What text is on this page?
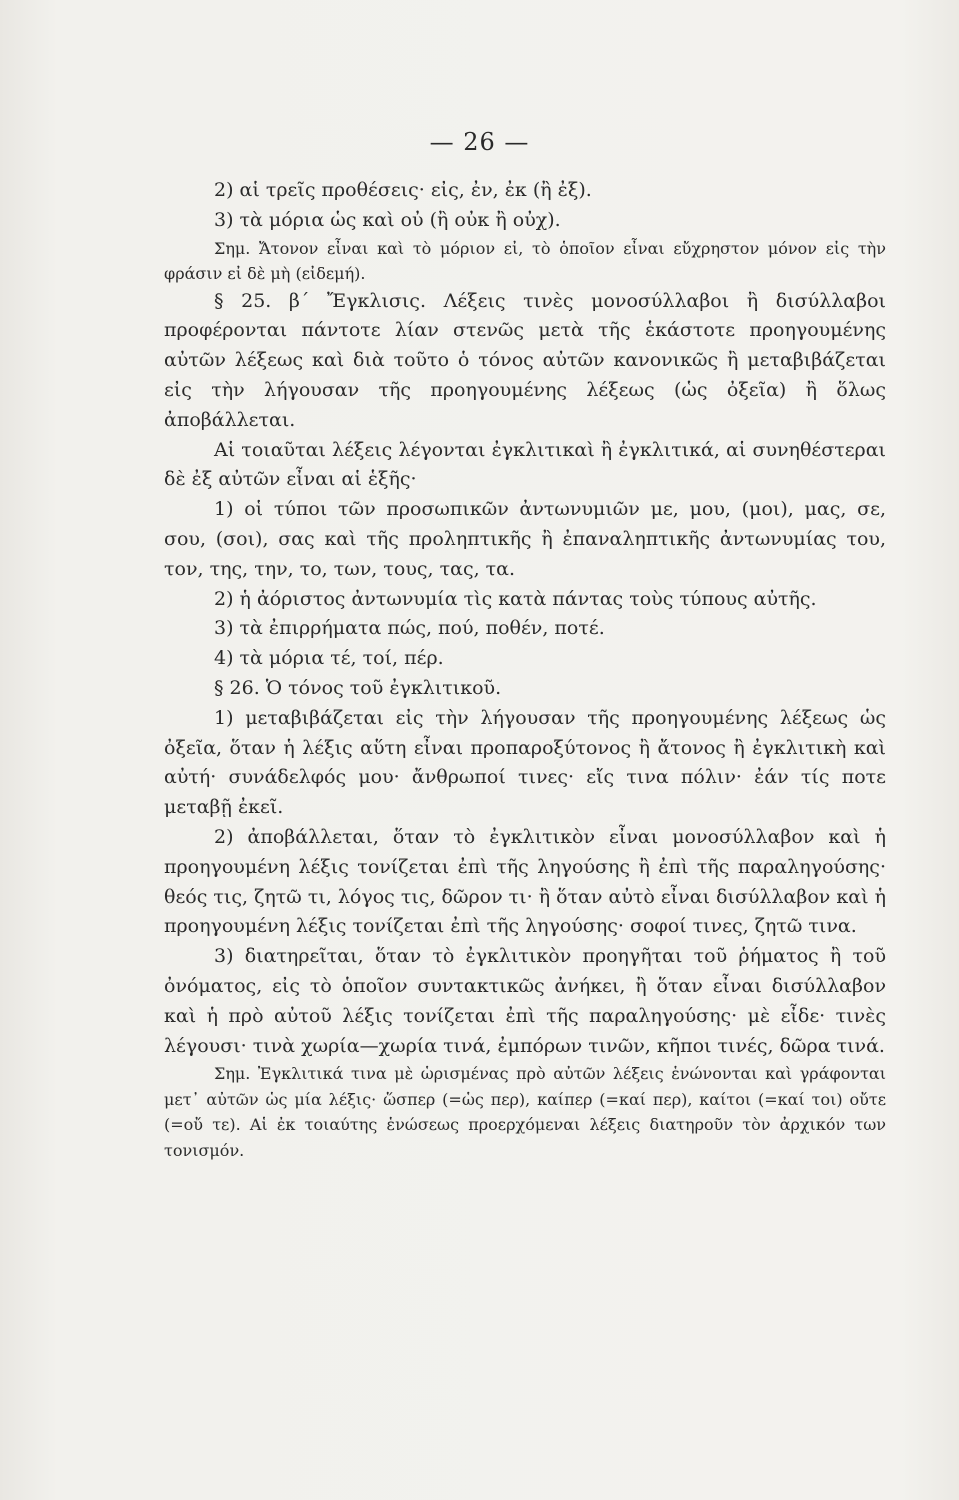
— 26 —

2) αἱ τρεῖς προθέσεις· εἰς, ἐν, ἐκ (ἢ ἐξ).

3) τὰ μόρια ὡς καὶ οὐ (ἢ οὐκ ἢ οὐχ).

Σημ. Ἄτονον εἶναι καὶ τὸ μόριον εἰ, τὸ ὁποῖον εἶναι εὔχρηστον μόνον εἰς τὴν φράσιν εἰ δὲ μὴ (εἰδεμή).

§ 25. β΄ Ἔγκλισις. Λέξεις τινὲς μονοσύλλαβοι ἢ δισύλλαβοι προφέρονται πάντοτε λίαν στενῶς μετὰ τῆς ἑκάστοτε προηγουμένης αὐτῶν λέξεως καὶ διὰ τοῦτο ὁ τόνος αὐτῶν κανονικῶς ἢ μεταβιβάζεται εἰς τὴν λήγουσαν τῆς προηγουμένης λέξεως (ὡς ὀξεῖα) ἢ ὅλως ἀποβάλλεται.

Αἱ τοιαῦται λέξεις λέγονται ἐγκλιτικαὶ ἢ ἐγκλιτικά, αἱ συνηθέστεραι δὲ ἐξ αὐτῶν εἶναι αἱ ἑξῆς·

1) οἱ τύποι τῶν προσωπικῶν ἀντωνυμιῶν με, μου, (μοι), μας, σε, σου, (σοι), σας καὶ τῆς προληπτικῆς ἢ ἐπαναληπτικῆς ἀντωνυμίας του, τον, της, την, το, των, τους, τας, τα.

2) ἡ ἀόριστος ἀντωνυμία τὶς κατὰ πάντας τοὺς τύπους αὐτῆς.

3) τὰ ἐπιρρήματα πώς, πού, ποθέν, ποτέ.

4) τὰ μόρια τέ, τοί, πέρ.

§ 26. Ὁ τόνος τοῦ ἐγκλιτικοῦ.

1) μεταβιβάζεται εἰς τὴν λήγουσαν τῆς προηγουμένης λέξεως ὡς ὀξεῖα, ὅταν ἡ λέξις αὕτη εἶναι προπαροξύτονος ἢ ἄτονος ἢ ἐγκλιτικὴ καὶ αὐτή· συνάδελφός μου· ἄνθρωποί τινες· εἴς τινα πόλιν· ἐάν τίς ποτε μεταβῇ ἐκεῖ.

2) ἀποβάλλεται, ὅταν τὸ ἐγκλιτικὸν εἶναι μονοσύλλαβον καὶ ἡ προηγουμένη λέξις τονίζεται ἐπὶ τῆς ληγούσης ἢ ἐπὶ τῆς παραληγούσης· θεός τις, ζητῶ τι, λόγος τις, δῶρον τι· ἢ ὅταν αὐτὸ εἶναι δισύλλαβον καὶ ἡ προηγουμένη λέξις τονίζεται ἐπὶ τῆς ληγούσης· σοφοί τινες, ζητῶ τινα.

3) διατηρεῖται, ὅταν τὸ ἐγκλιτικὸν προηγῆται τοῦ ῥήματος ἢ τοῦ ὀνόματος, εἰς τὸ ὁποῖον συντακτικῶς ἀνήκει, ἢ ὅταν εἶναι δισύλλαβον καὶ ἡ πρὸ αὐτοῦ λέξις τονίζεται ἐπὶ τῆς παραληγούσης· μὲ εἶδε· τινὲς λέγουσι· τινὰ χωρία—χωρία τινά, ἐμπόρων τινῶν, κῆποι τινές, δῶρα τινά.

Σημ. Ἐγκλιτικά τινα μὲ ὡρισμένας πρὸ αὐτῶν λέξεις ἑνώνονται καὶ γράφονται μετ᾽ αὐτῶν ὡς μία λέξις· ὥσπερ (=ὡς περ), καίπερ (=καί περ), καίτοι (=καί τοι) οὔτε (=οὔ τε). Αἱ ἐκ τοιαύτης ἑνώσεως προερχόμεναι λέξεις διατηροῦν τὸν ἀρχικόν των τονισμόν.
